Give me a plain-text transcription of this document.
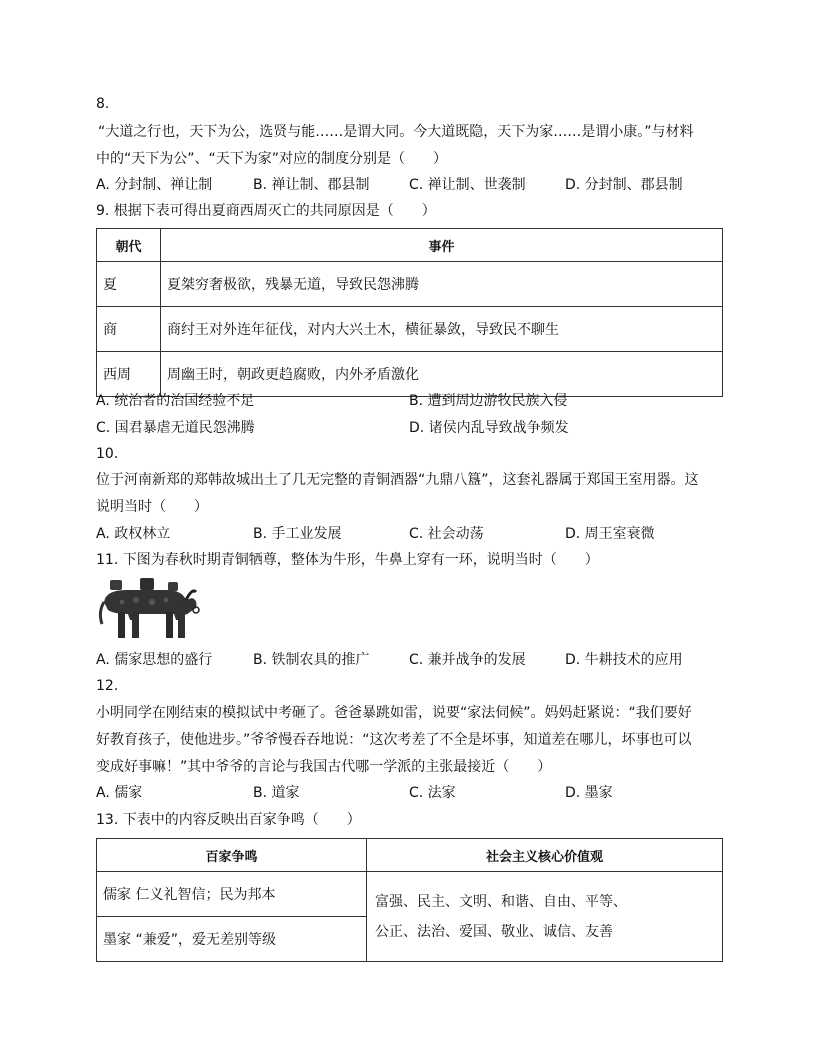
8.
“大道之行也，天下为公，选贤与能……是谓大同。今大道既隐，天下为家……是谓小康。”与材料
中的“天下为公”、“天下为家”对应的制度分别是（　　）
A. 分封制、禅让制	B. 禅让制、郡县制	C. 禅让制、世袭制	D. 分封制、郡县制
9. 根据下表可得出夏商西周灭亡的共同原因是（　　）
朝代	事件
夏	夏桀穷奢极欲，残暴无道，导致民怨沸腾
商	商纣王对外连年征伐，对内大兴土木，横征暴敛，导致民不聊生
西周	周幽王时，朝政更趋腐败，内外矛盾激化
A. 统治者的治国经验不足	B. 遭到周边游牧民族入侵
C. 国君暴虐无道民怨沸腾	D. 诸侯内乱导致战争频发
10.
位于河南新郑的郑韩故城出土了几无完整的青铜酒器“九鼎八簋”，这套礼器属于郑国王室用器。这
说明当时（　　）
A. 政权林立	B. 手工业发展	C. 社会动荡	D. 周王室衰微
11. 下图为春秋时期青铜牺尊，整体为牛形，牛鼻上穿有一环，说明当时（　　）
A. 儒家思想的盛行	B. 铁制农具的推广	C. 兼并战争的发展	D. 牛耕技术的应用
12.
小明同学在刚结束的模拟试中考砸了。爸爸暴跳如雷，说要“家法伺候”。妈妈赶紧说：“我们要好
好教育孩子，使他进步。”爷爷慢吞吞地说：“这次考差了不全是坏事，知道差在哪儿，坏事也可以
变成好事嘛！”其中爷爷的言论与我国古代哪一学派的主张最接近（　　）
A. 儒家	B. 道家	C. 法家	D. 墨家
13. 下表中的内容反映出百家争鸣（　　）
百家争鸣	社会主义核心价值观
儒家 仁义礼智信；民为邦本	富强、民主、文明、和谐、自由、平等、
公正、法治、爱国、敬业、诚信、友善

墨家 “兼爱”，爱无差别等级	
